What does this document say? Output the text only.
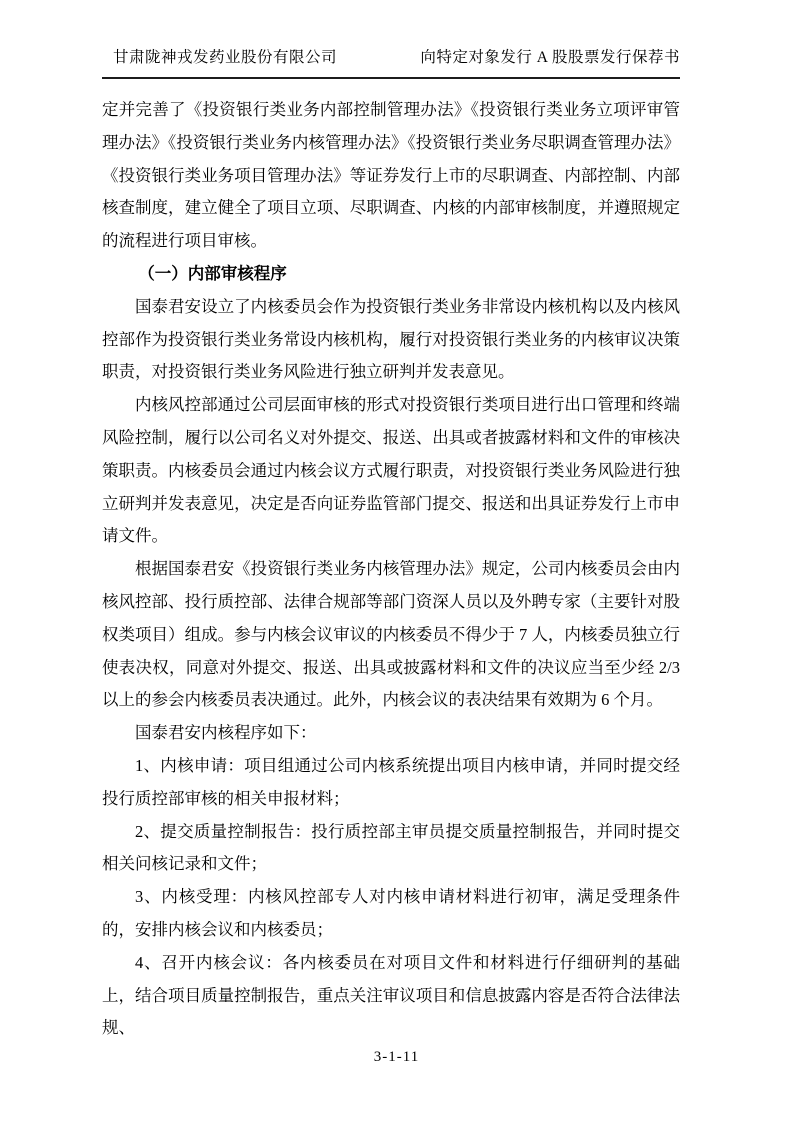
甘肃陇神戎发药业股份有限公司	向特定对象发行 A 股股票发行保荐书

定并完善了《投资银行类业务内部控制管理办法》《投资银行类业务立项评审管理办法》《投资银行类业务内核管理办法》《投资银行类业务尽职调查管理办法》《投资银行类业务项目管理办法》等证券发行上市的尽职调查、内部控制、内部核查制度，建立健全了项目立项、尽职调查、内核的内部审核制度，并遵照规定的流程进行项目审核。

（一）内部审核程序

国泰君安设立了内核委员会作为投资银行类业务非常设内核机构以及内核风控部作为投资银行类业务常设内核机构，履行对投资银行类业务的内核审议决策职责，对投资银行类业务风险进行独立研判并发表意见。

内核风控部通过公司层面审核的形式对投资银行类项目进行出口管理和终端风险控制，履行以公司名义对外提交、报送、出具或者披露材料和文件的审核决策职责。内核委员会通过内核会议方式履行职责，对投资银行类业务风险进行独立研判并发表意见，决定是否向证券监管部门提交、报送和出具证券发行上市申请文件。

根据国泰君安《投资银行类业务内核管理办法》规定，公司内核委员会由内核风控部、投行质控部、法律合规部等部门资深人员以及外聘专家（主要针对股权类项目）组成。参与内核会议审议的内核委员不得少于 7 人，内核委员独立行使表决权，同意对外提交、报送、出具或披露材料和文件的决议应当至少经 2/3 以上的参会内核委员表决通过。此外，内核会议的表决结果有效期为 6 个月。

国泰君安内核程序如下：

1、内核申请：项目组通过公司内核系统提出项目内核申请，并同时提交经投行质控部审核的相关申报材料；

2、提交质量控制报告：投行质控部主审员提交质量控制报告，并同时提交相关问核记录和文件；

3、内核受理：内核风控部专人对内核申请材料进行初审，满足受理条件的，安排内核会议和内核委员；

4、召开内核会议：各内核委员在对项目文件和材料进行仔细研判的基础上，结合项目质量控制报告，重点关注审议项目和信息披露内容是否符合法律法规、

3-1-11
